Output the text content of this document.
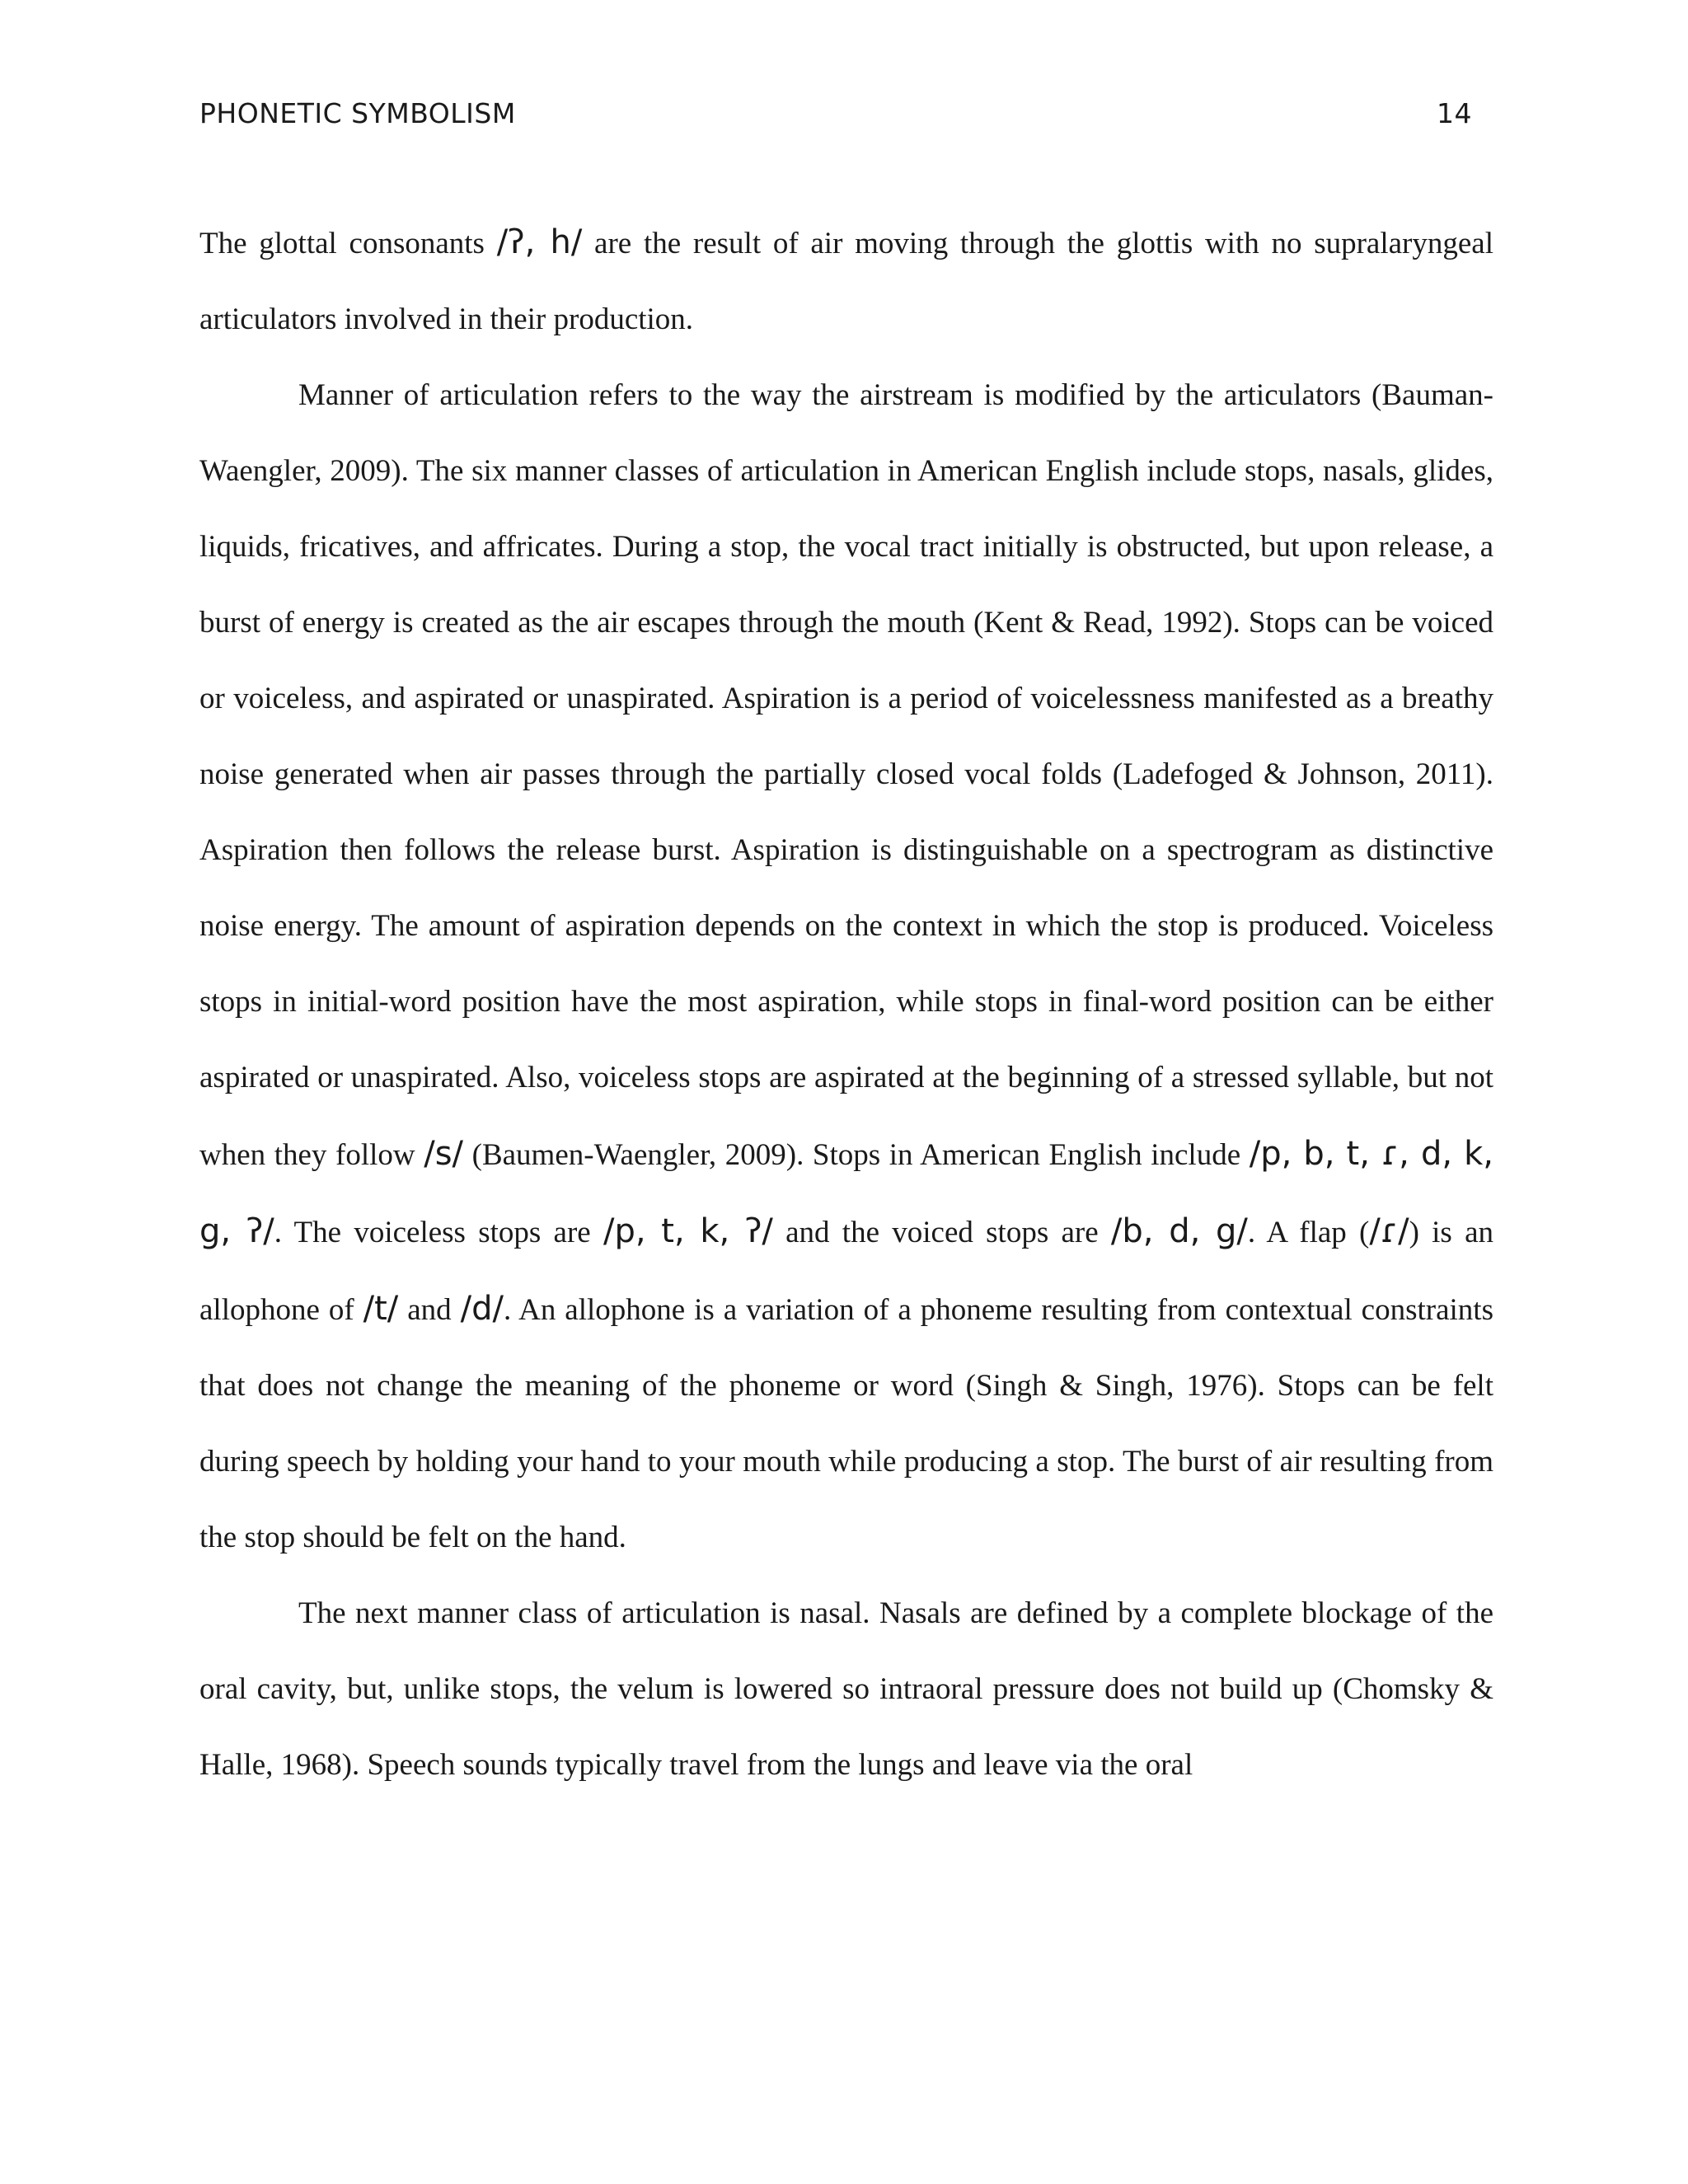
PHONETIC SYMBOLISM	14

The glottal consonants /ʔ, h/ are the result of air moving through the glottis with no supralaryngeal articulators involved in their production.

Manner of articulation refers to the way the airstream is modified by the articulators (Bauman-Waengler, 2009). The six manner classes of articulation in American English include stops, nasals, glides, liquids, fricatives, and affricates. During a stop, the vocal tract initially is obstructed, but upon release, a burst of energy is created as the air escapes through the mouth (Kent & Read, 1992). Stops can be voiced or voiceless, and aspirated or unaspirated. Aspiration is a period of voicelessness manifested as a breathy noise generated when air passes through the partially closed vocal folds (Ladefoged & Johnson, 2011). Aspiration then follows the release burst. Aspiration is distinguishable on a spectrogram as distinctive noise energy. The amount of aspiration depends on the context in which the stop is produced. Voiceless stops in initial-word position have the most aspiration, while stops in final-word position can be either aspirated or unaspirated. Also, voiceless stops are aspirated at the beginning of a stressed syllable, but not when they follow /s/ (Baumen-Waengler, 2009). Stops in American English include /p, b, t, ɾ, d, k, g, ʔ/. The voiceless stops are /p, t, k, ʔ/ and the voiced stops are /b, d, g/. A flap (/ɾ/) is an allophone of /t/ and /d/. An allophone is a variation of a phoneme resulting from contextual constraints that does not change the meaning of the phoneme or word (Singh & Singh, 1976). Stops can be felt during speech by holding your hand to your mouth while producing a stop. The burst of air resulting from the stop should be felt on the hand.

The next manner class of articulation is nasal. Nasals are defined by a complete blockage of the oral cavity, but, unlike stops, the velum is lowered so intraoral pressure does not build up (Chomsky & Halle, 1968). Speech sounds typically travel from the lungs and leave via the oral
